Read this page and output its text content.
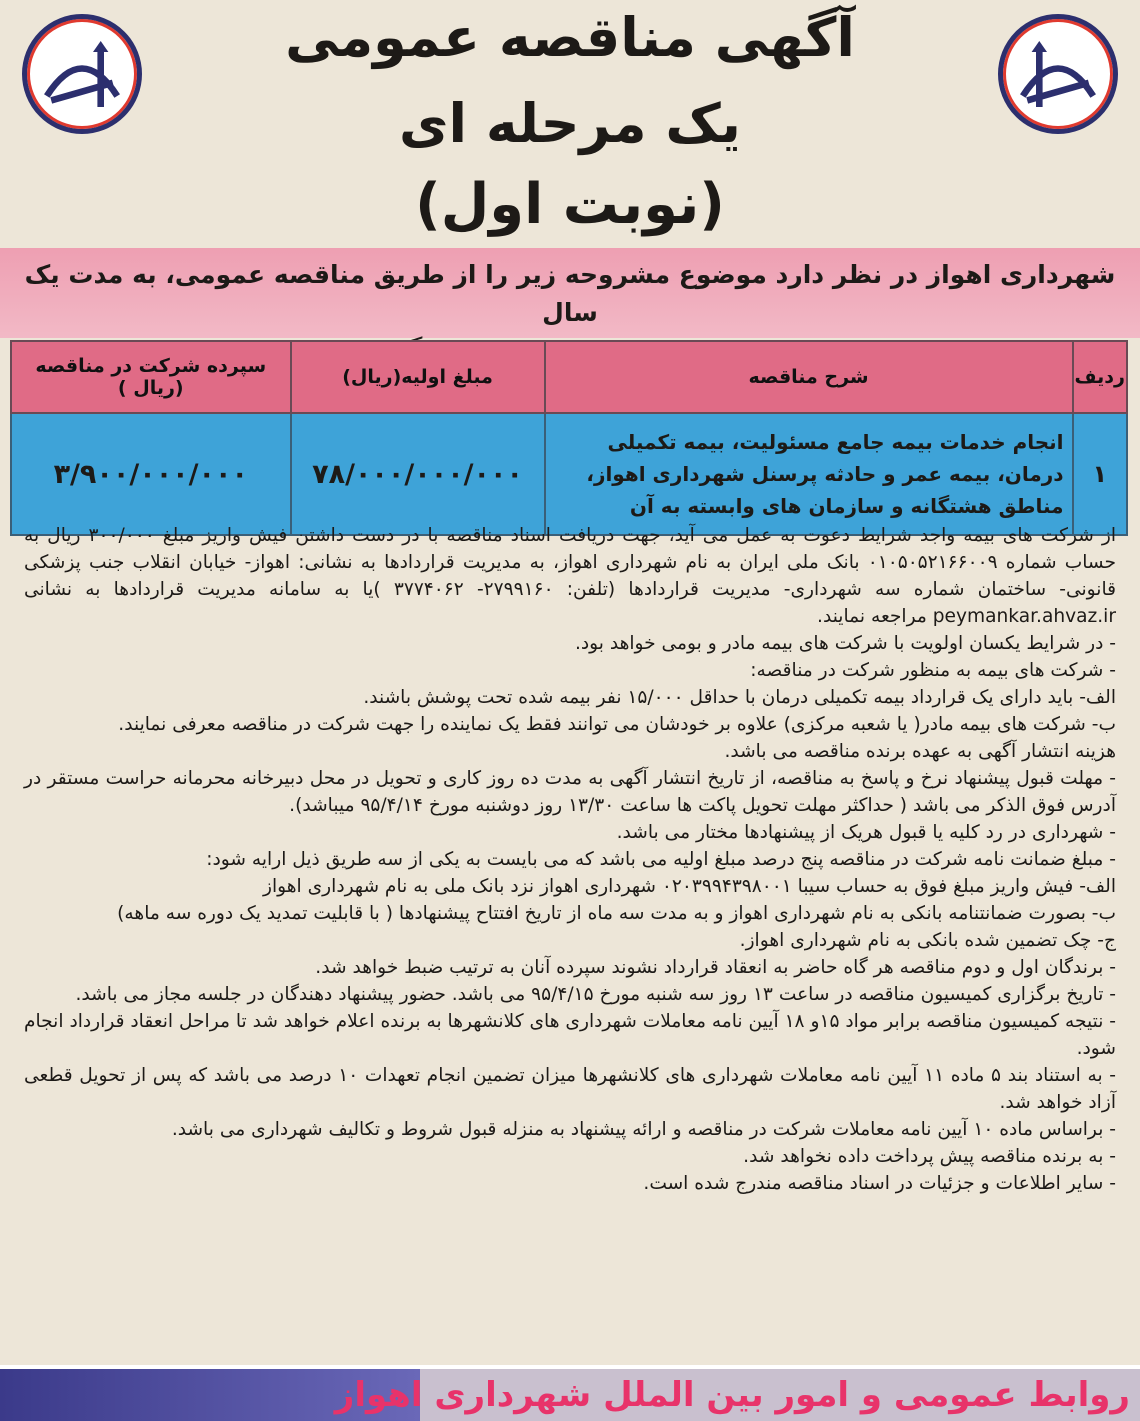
آگهی مناقصه عمومی
یک مرحله ای
(نوبت اول)
شهرداری اهواز در نظر دارد موضوع مشروحه زیر را از طریق مناقصه عمومی، به مدت یک سال
ردیف	شرح مناقصه	مبلغ اولیه(ریال)	سپرده شرکت در مناقصه (ریال )
۱	انجام خدمات بیمه جامع مسئولیت، بیمه تکمیلی درمان، بیمه عمر و حادثه پرسنل شهرداری اهواز، مناطق هشتگانه و سازمان های وابسته به آن	۷۸/۰۰۰/۰۰۰/۰۰۰	۳/۹۰۰/۰۰۰/۰۰۰

از شرکت های بیمه واجد شرایط دعوت به عمل می آید، جهت دریافت اسناد مناقصه با در دست داشتن فیش واریز مبلغ ۳۰۰/۰۰۰ ریال به حساب شماره ۰۱۰۵۰۵۲۱۶۶۰۰۹ بانک ملی ایران به نام شهرداری اهواز، به مدیریت قراردادها به نشانی: اهواز- خیابان انقلاب جنب پزشکی قانونی- ساختمان شماره سه شهرداری- مدیریت قراردادها (تلفن: ۲۷۹۹۱۶۰- ۳۷۷۴۰۶۲ )یا به سامانه مدیریت قراردادها به نشانی peymankar.ahvaz.ir مراجعه نمایند.

- در شرایط یکسان اولویت با شرکت های بیمه مادر و بومی خواهد بود.

- شرکت های بیمه به منظور شرکت در مناقصه:

الف- باید دارای یک قرارداد بیمه تکمیلی درمان با حداقل ۱۵/۰۰۰ نفر بیمه شده تحت پوشش باشند.

ب- شرکت های بیمه مادر( یا شعبه مرکزی) علاوه بر خودشان می توانند فقط یک نماینده را جهت شرکت در مناقصه معرفی نمایند.

هزینه انتشار آگهی به عهده برنده مناقصه می باشد.

- مهلت قبول پیشنهاد نرخ و پاسخ به مناقصه، از تاریخ انتشار آگهی به مدت ده روز کاری و تحویل در محل دبیرخانه محرمانه حراست مستقر در آدرس فوق الذکر می باشد ( حداکثر مهلت تحویل پاکت ها ساعت ۱۳/۳۰ روز دوشنبه مورخ ۹۵/۴/۱۴ میباشد).

- شهرداری در رد کلیه یا قبول هریک از پیشنهادها مختار می باشد.

- مبلغ ضمانت نامه شرکت در مناقصه پنج درصد مبلغ اولیه می باشد که می بایست به یکی از سه طریق ذیل ارایه شود:

الف- فیش واریز مبلغ فوق به حساب سیبا ۰۲۰۳۹۹۴۳۹۸۰۰۱ شهرداری اهواز نزد بانک ملی به نام شهرداری اهواز

ب- بصورت ضمانتنامه بانکی به نام شهرداری اهواز و به مدت سه ماه از تاریخ افتتاح پیشنهادها ( با قابلیت تمدید یک دوره سه ماهه)

ج- چک تضمین شده بانکی به نام شهرداری اهواز.

- برندگان اول و دوم مناقصه هر گاه حاضر به انعقاد قرارداد نشوند سپرده آنان به ترتیب ضبط خواهد شد.

- تاریخ برگزاری کمیسیون مناقصه در ساعت ۱۳ روز سه شنبه مورخ ۹۵/۴/۱۵ می باشد. حضور پیشنهاد دهندگان در جلسه مجاز می باشد.

- نتیجه کمیسیون مناقصه برابر مواد ۱۵و ۱۸ آیین نامه معاملات شهرداری های کلانشهرها به برنده اعلام خواهد شد تا مراحل انعقاد قرارداد انجام شود.

- به استناد بند ۵ ماده ۱۱ آیین نامه معاملات شهرداری های کلانشهرها میزان تضمین انجام تعهدات ۱۰ درصد می باشد که پس از تحویل قطعی آزاد خواهد شد.

- براساس ماده ۱۰ آیین نامه معاملات شرکت در مناقصه و ارائه پیشنهاد به منزله قبول شروط و تکالیف شهرداری می باشد.

- به برنده مناقصه پیش پرداخت داده نخواهد شد.

- سایر اطلاعات و جزئیات در اسناد مناقصه مندرج شده است.

روابط عمومی و امور بین الملل شهرداری اهواز
